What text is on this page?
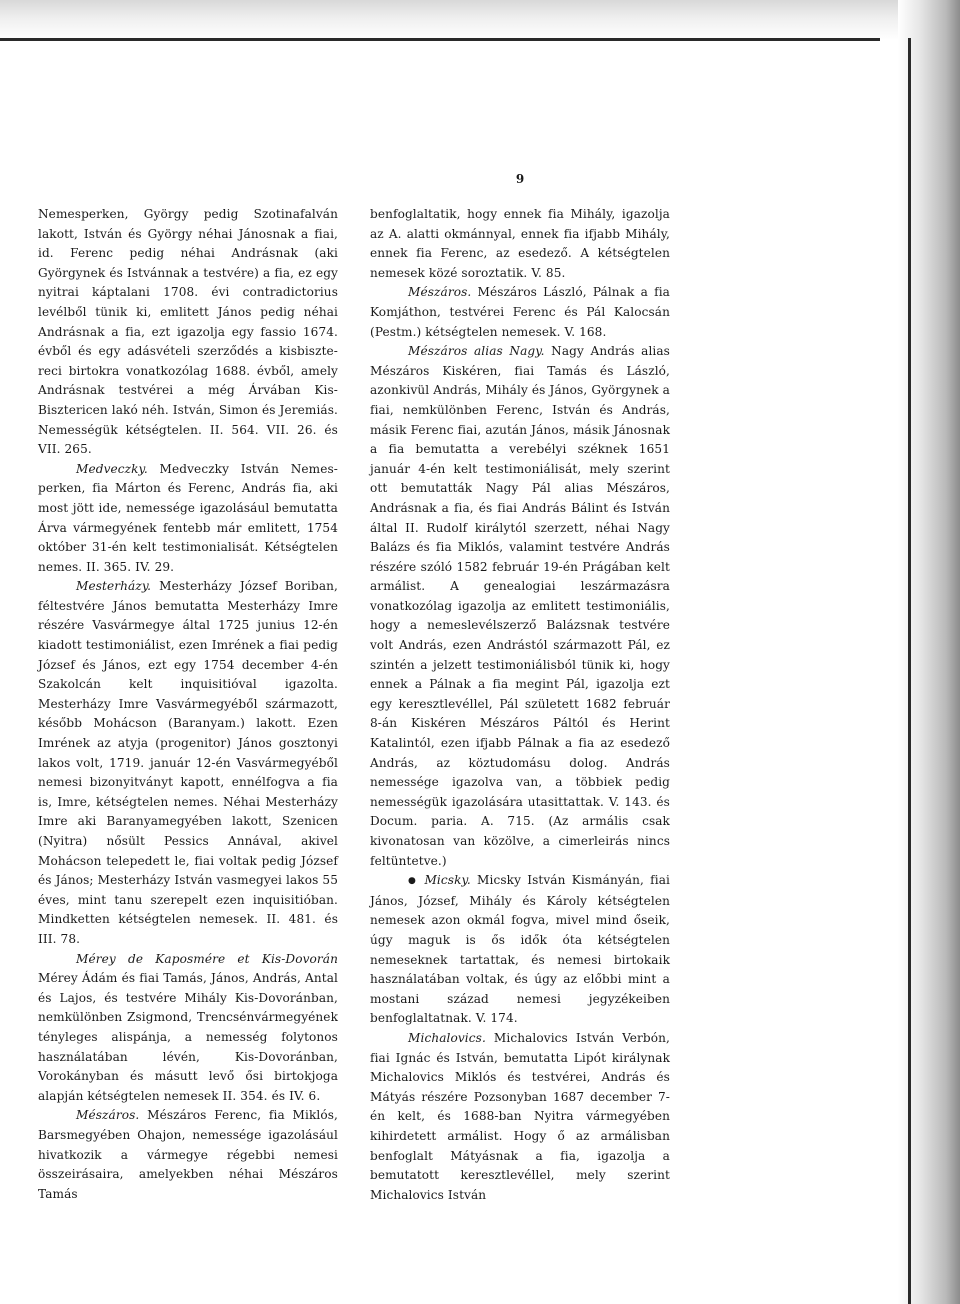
9

Nemesperken, György pedig Szotinafalván lakott, István és György néhai Jánosnak a fiai, id. Ferenc pedig néhai Andrásnak (aki Györgynek és Istvánnak a testvére) a fia, ez egy nyitrai káptalani 1708. évi contradictorius levélből tünik ki, emlitett János pedig néhai Andrásnak a fia, ezt igazolja egy fassio 1674. évből és egy adásvételi szerződés a kisbiszte-reci birtokra vonatkozólag 1688. évből, amely Andrásnak testvérei a még Árvában Kis-Bisztericen lakó néh. István, Simon és Jeremiás. Nemességük kétségtelen. II. 564. VII. 26. és VII. 265.

Medveczky. Medveczky István Nemes-perken, fia Márton és Ferenc, András fia, aki most jött ide, nemessége igazolásául bemutatta Árva vármegyének fentebb már emlitett, 1754 október 31-én kelt testimonialisát. Kétségtelen nemes. II. 365. IV. 29.

Mesterházy. Mesterházy József Boriban, féltestvére János bemutatta Mesterházy Imre részére Vasvármegye által 1725 junius 12-én kiadott testimoniálist, ezen Imrének a fiai pedig József és János, ezt egy 1754 december 4-én Szakolcán kelt inquisitióval igazolta. Mesterházy Imre Vasvármegyéből származott, később Mohácson (Baranyam.) lakott. Ezen Imrének az atyja (progenitor) János gosztonyi lakos volt, 1719. január 12-én Vasvármegyéből nemesi bizonyitványt kapott, ennélfogva a fia is, Imre, kétségtelen nemes. Néhai Mesterházy Imre aki Baranyamegyében lakott, Szenicen (Nyitra) nősült Pessics Annával, akivel Mohácson telepedett le, fiai voltak pedig József és János; Mesterházy István vasmegyei lakos 55 éves, mint tanu szerepelt ezen inquisitióban. Mindketten kétségtelen nemesek. II. 481. és III. 78.

Mérey de Kaposmére et Kis-Dovorán Mérey Ádám és fiai Tamás, János, András, Antal és Lajos, és testvére Mihály Kis-Dovoránban, nemkülönben Zsigmond, Trencsénvármegyének tényleges alispánja, a nemesség folytonos használatában lévén, Kis-Dovoránban, Vorokányban és másutt levő ősi birtokjoga alapján kétségtelen nemesek II. 354. és IV. 6.

Mészáros. Mészáros Ferenc, fia Miklós, Barsmegyében Ohajon, nemessége igazolásául hivatkozik a vármegye régebbi nemesi összeirásaira, amelyekben néhai Mészáros Tamás

benfoglaltatik, hogy ennek fia Mihály, igazolja az A. alatti okmánnyal, ennek fia ifjabb Mihály, ennek fia Ferenc, az esedező. A kétségtelen nemesek közé soroztatik. V. 85.

Mészáros. Mészáros László, Pálnak a fia Komjáthon, testvérei Ferenc és Pál Kalocsán (Pestm.) kétségtelen nemesek. V. 168.

Mészáros alias Nagy. Nagy András alias Mészáros Kiskéren, fiai Tamás és László, azonkivül András, Mihály és János, Györgynek a fiai, nemkülönben Ferenc, István és András, másik Ferenc fiai, azután János, másik Jánosnak a fia bemutatta a verebélyi széknek 1651 január 4-én kelt testimoniálisát, mely szerint ott bemutatták Nagy Pál alias Mészáros, Andrásnak a fia, és fiai András Bálint és István által II. Rudolf királytól szerzett, néhai Nagy Balázs és fia Miklós, valamint testvére András részére szóló 1582 február 19-én Prágában kelt armálist. A genealogiai leszármazásra vonatkozólag igazolja az emlitett testimoniális, hogy a nemeslevélszerző Balázsnak testvére volt András, ezen Andrástól származott Pál, ez szintén a jelzett testimoniálisból tünik ki, hogy ennek a Pálnak a fia megint Pál, igazolja ezt egy keresztlevéllel, Pál született 1682 február 8-án Kiskéren Mészáros Páltól és Herint Katalintól, ezen ifjabb Pálnak a fia az esedező András, az köztudomásu dolog. András nemessége igazolva van, a többiek pedig nemességük igazolására utasittattak. V. 143. és Docum. paria. A. 715. (Az armális csak kivonatosan van közölve, a cimerleirás nincs feltüntetve.)

● Micsky. Micsky István Kismányán, fiai János, József, Mihály és Károly kétségtelen nemesek azon okmál fogva, mivel mind őseik, úgy maguk is ős idők óta kétségtelen nemeseknek tartattak, és nemesi birtokaik használatában voltak, és úgy az előbbi mint a mostani század nemesi jegyzékeiben benfoglaltatnak. V. 174.

Michalovics. Michalovics István Verbón, fiai Ignác és István, bemutatta Lipót királynak Michalovics Miklós és testvérei, András és Mátyás részére Pozsonyban 1687 december 7-én kelt, és 1688-ban Nyitra vármegyében kihirdetett armálist. Hogy ő az armálisban benfoglalt Mátyásnak a fia, igazolja a bemutatott keresztlevéllel, mely szerint Michalovics István
